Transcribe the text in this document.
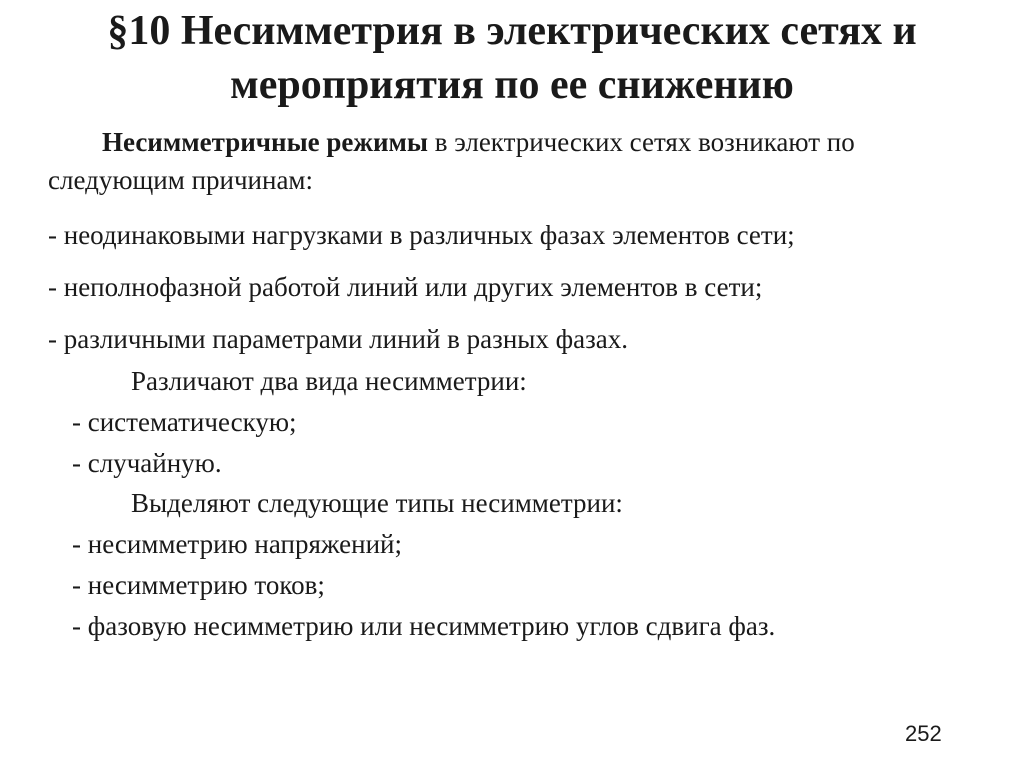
§10 Несимметрия в электрических сетях и
мероприятия по ее снижению
Несимметричные режимы в электрических сетях возникают по
следующим причинам:
- неодинаковыми нагрузками в различных фазах элементов сети;
- неполнофазной работой линий или других элементов в сети;
- различными параметрами линий в разных фазах.
Различают два вида несимметрии:
- систематическую;
- случайную.
Выделяют следующие типы несимметрии:
- несимметрию напряжений;
- несимметрию токов;
- фазовую несимметрию или несимметрию углов сдвига фаз.
252
